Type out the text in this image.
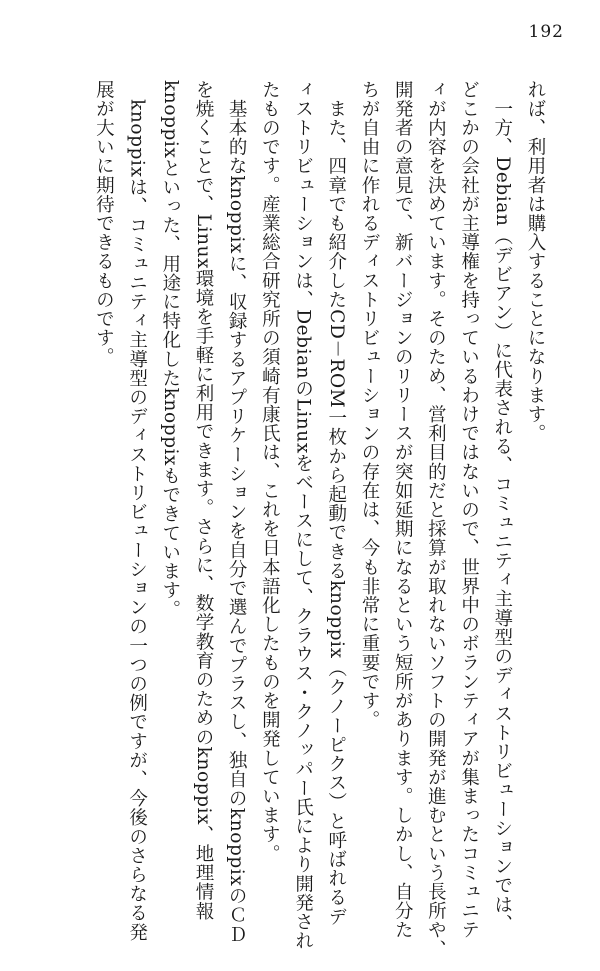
192
れば、利用者は購入することになります。
　一方、Debian（デビアン）に代表される、コミュニティ主導型のディストリビューションでは、
どこかの会社が主導権を持っているわけではないので、世界中のボランティアが集まったコミュニテ
ィが内容を決めています。そのため、営利目的だと採算が取れないソフトの開発が進むという長所や、
開発者の意見で、新バージョンのリリースが突如延期になるという短所があります。しかし、自分た
ちが自由に作れるディストリビューションの存在は、今も非常に重要です。
　また、四章でも紹介したCD－ROM一枚から起動できるknoppix（クノーピクス）と呼ばれるデ
ィストリビューションは、DebianのLinuxをベースにして、クラウス・クノッパー氏により開発され
たものです。産業総合研究所の須崎有康氏は、これを日本語化したものを開発しています。
　基本的なknoppixに、収録するアプリケーションを自分で選んでプラスし、独自のknoppixのＣＤ
を焼くことで、Linux環境を手軽に利用できます。さらに、数学教育のためのknoppix、地理情報
knoppixといった、用途に特化したknoppixもできています。
　knoppixは、コミュニティ主導型のディストリビューションの一つの例ですが、今後のさらなる発
展が大いに期待できるものです。
